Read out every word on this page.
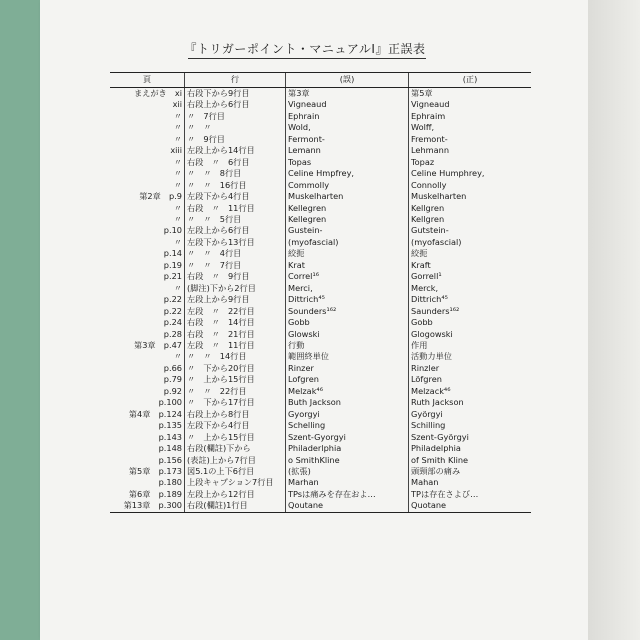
『トリガーポイント・マニュアルⅠ』正誤表
頁	行	(誤)	(正)
まえがき　xi	右段下から9行目	第3章	第5章
xii	右段上から6行目	Vigneaud	Vigneaud
〃	〃　7行目	Ephrain	Ephraim
〃	〃　〃	Wold,	Wolff,
〃	〃　9行目	Fermont-	Fremont-
xiii	左段上から14行目	Lemann	Lehmann
〃	右段　〃　6行目	Topas	Topaz
〃	〃　〃　8行目	Celine Hmpfrey,	Celine Humphrey,
〃	〃　〃　16行目	Commolly	Connolly
第2章　p.9	左段下から4行目	Muskelharten	Muskelharten
〃	右段　〃　11行目	Kellegren	Kellgren
〃	〃　〃　5行目	Kellegren	Kellgren
p.10	左段上から6行目	Gustein-	Gutstein-
〃	左段下から13行目	(myofascial)	(myofascial)
p.14	〃　〃　4行目	絞扼	絞扼
p.19	〃　〃　7行目	Krat	Kraft
p.21	右段　〃　9行目	Correl¹⁶	Gorrell¹
〃	(脚注)下から2行目	Merci,	Merck,
p.22	左段上から9行目	Dittrich⁴⁵	Dittrich⁴⁵
p.22	左段　〃　22行目	Sounders¹⁶²	Saunders¹⁶²
p.24	右段　〃　14行目	Gobb	Gobb
p.28	右段　〃　21行目	Glowski	Glogowski
第3章　p.47	左段　〃　11行目	行動	作用
〃	〃　〃　14行目	範囲終単位	活動力単位
p.66	〃　下から20行目	Rinzer	Rinzler
p.79	〃　上から15行目	Lofgren	Löfgren
p.92	〃　〃　22行目	Melzak⁴⁶	Melzack⁴⁶
p.100	〃　下から17行目	Buth Jackson	Ruth Jackson
第4章　p.124	右段上から8行目	Gyorgyi	Györgyi
p.135	左段下から4行目	Schelling	Schilling
p.143	〃　上から15行目	Szent-Gyorgyi	Szent-Györgyi
p.148	右段(欄註)下から	Philaderlphia	Philadelphia
p.156	(表註)上から7行目	o SmithKline	of Smith Kline
第5章　p.173	図5.1の上下6行目	(拡張)	頭頸部の痛み
p.180	上段キャプション7行目	Marhan	Mahan
第6章　p.189	左段上から12行目	TPsは痛みを存在およ…	TPは存在さよび…
第13章　p.300	右段(欄註)1行目	Qoutane	Quotane
